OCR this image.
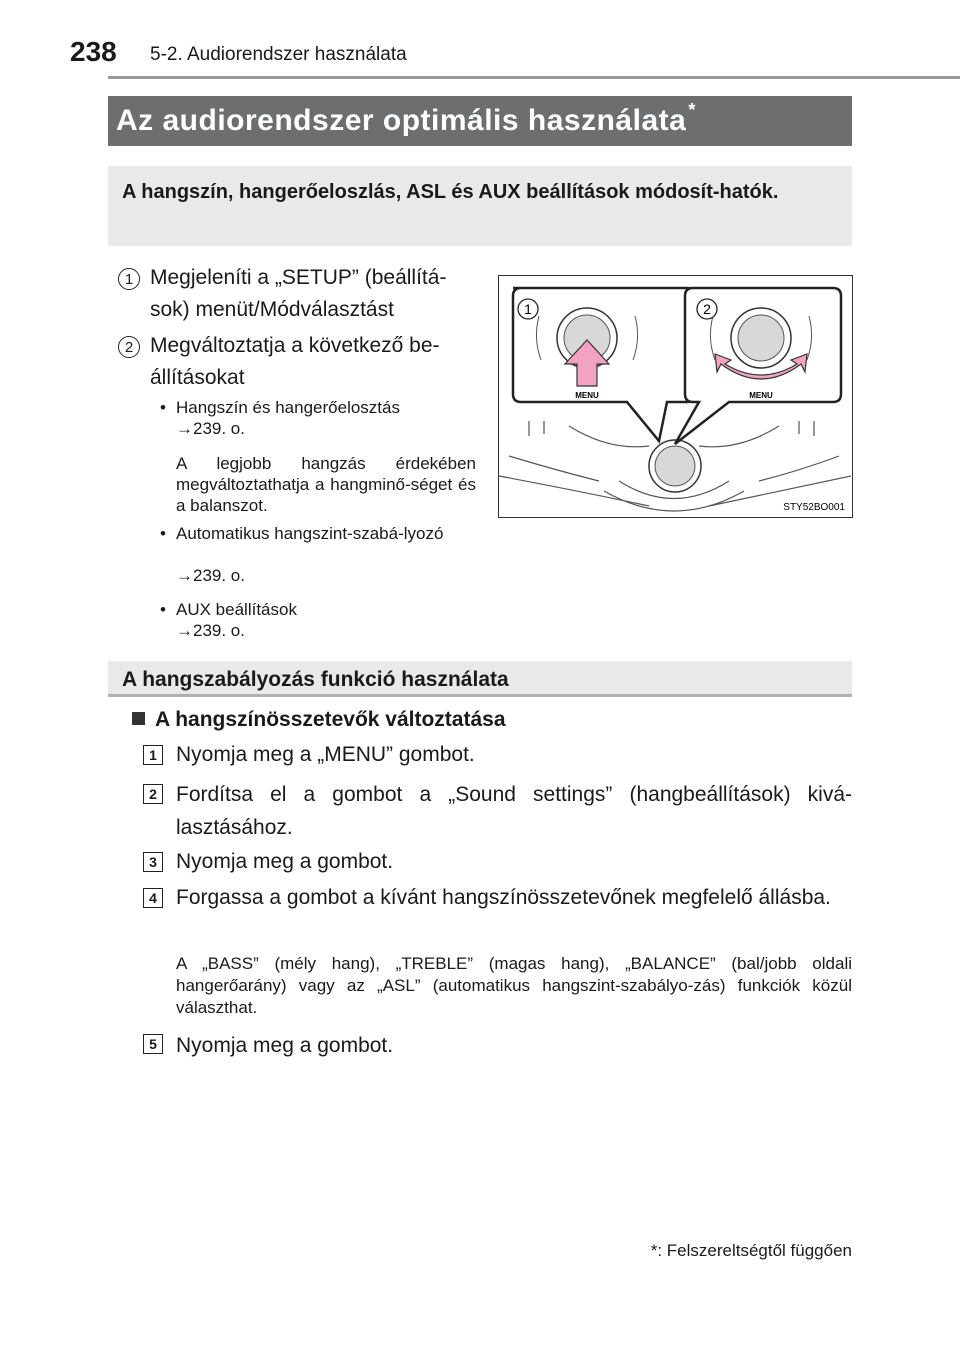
238 5-2. Audiorendszer használata
Az audiorendszer optimális használata *
A hangszín, hangerőeloszlás, ASL és AUX beállítások módosít-hatók.
1 Megjeleníti a „SETUP” (beállítá-sok) menüt/Módválasztást
2 Megváltoztatja a következő be-állításokat
• Hangszín és hangerőelosztás
→239. o.
A legjobb hangzás érdekében megváltoztathatja a hangminő-séget és a balanszot.
• Automatikus hangszint-szabá-lyozó
→239. o.
• AUX beállítások
→239. o.
1	2
MENU	MENU
STY52BO001
A hangszabályozás funkció használata
A hangszínösszetevők változtatása
1 Nyomja meg a „MENU” gombot.
2 Fordítsa el a gombot a „Sound settings” (hangbeállítások) kivá-lasztásához.
3 Nyomja meg a gombot.
4 Forgassa a gombot a kívánt hangszínösszetevőnek megfelelő állásba.
A „BASS” (mély hang), „TREBLE” (magas hang), „BALANCE” (bal/jobb oldali hangerőarány) vagy az „ASL” (automatikus hangszint-szabályo-zás) funkciók közül választhat.
5 Nyomja meg a gombot.
*: Felszereltségtől függően
